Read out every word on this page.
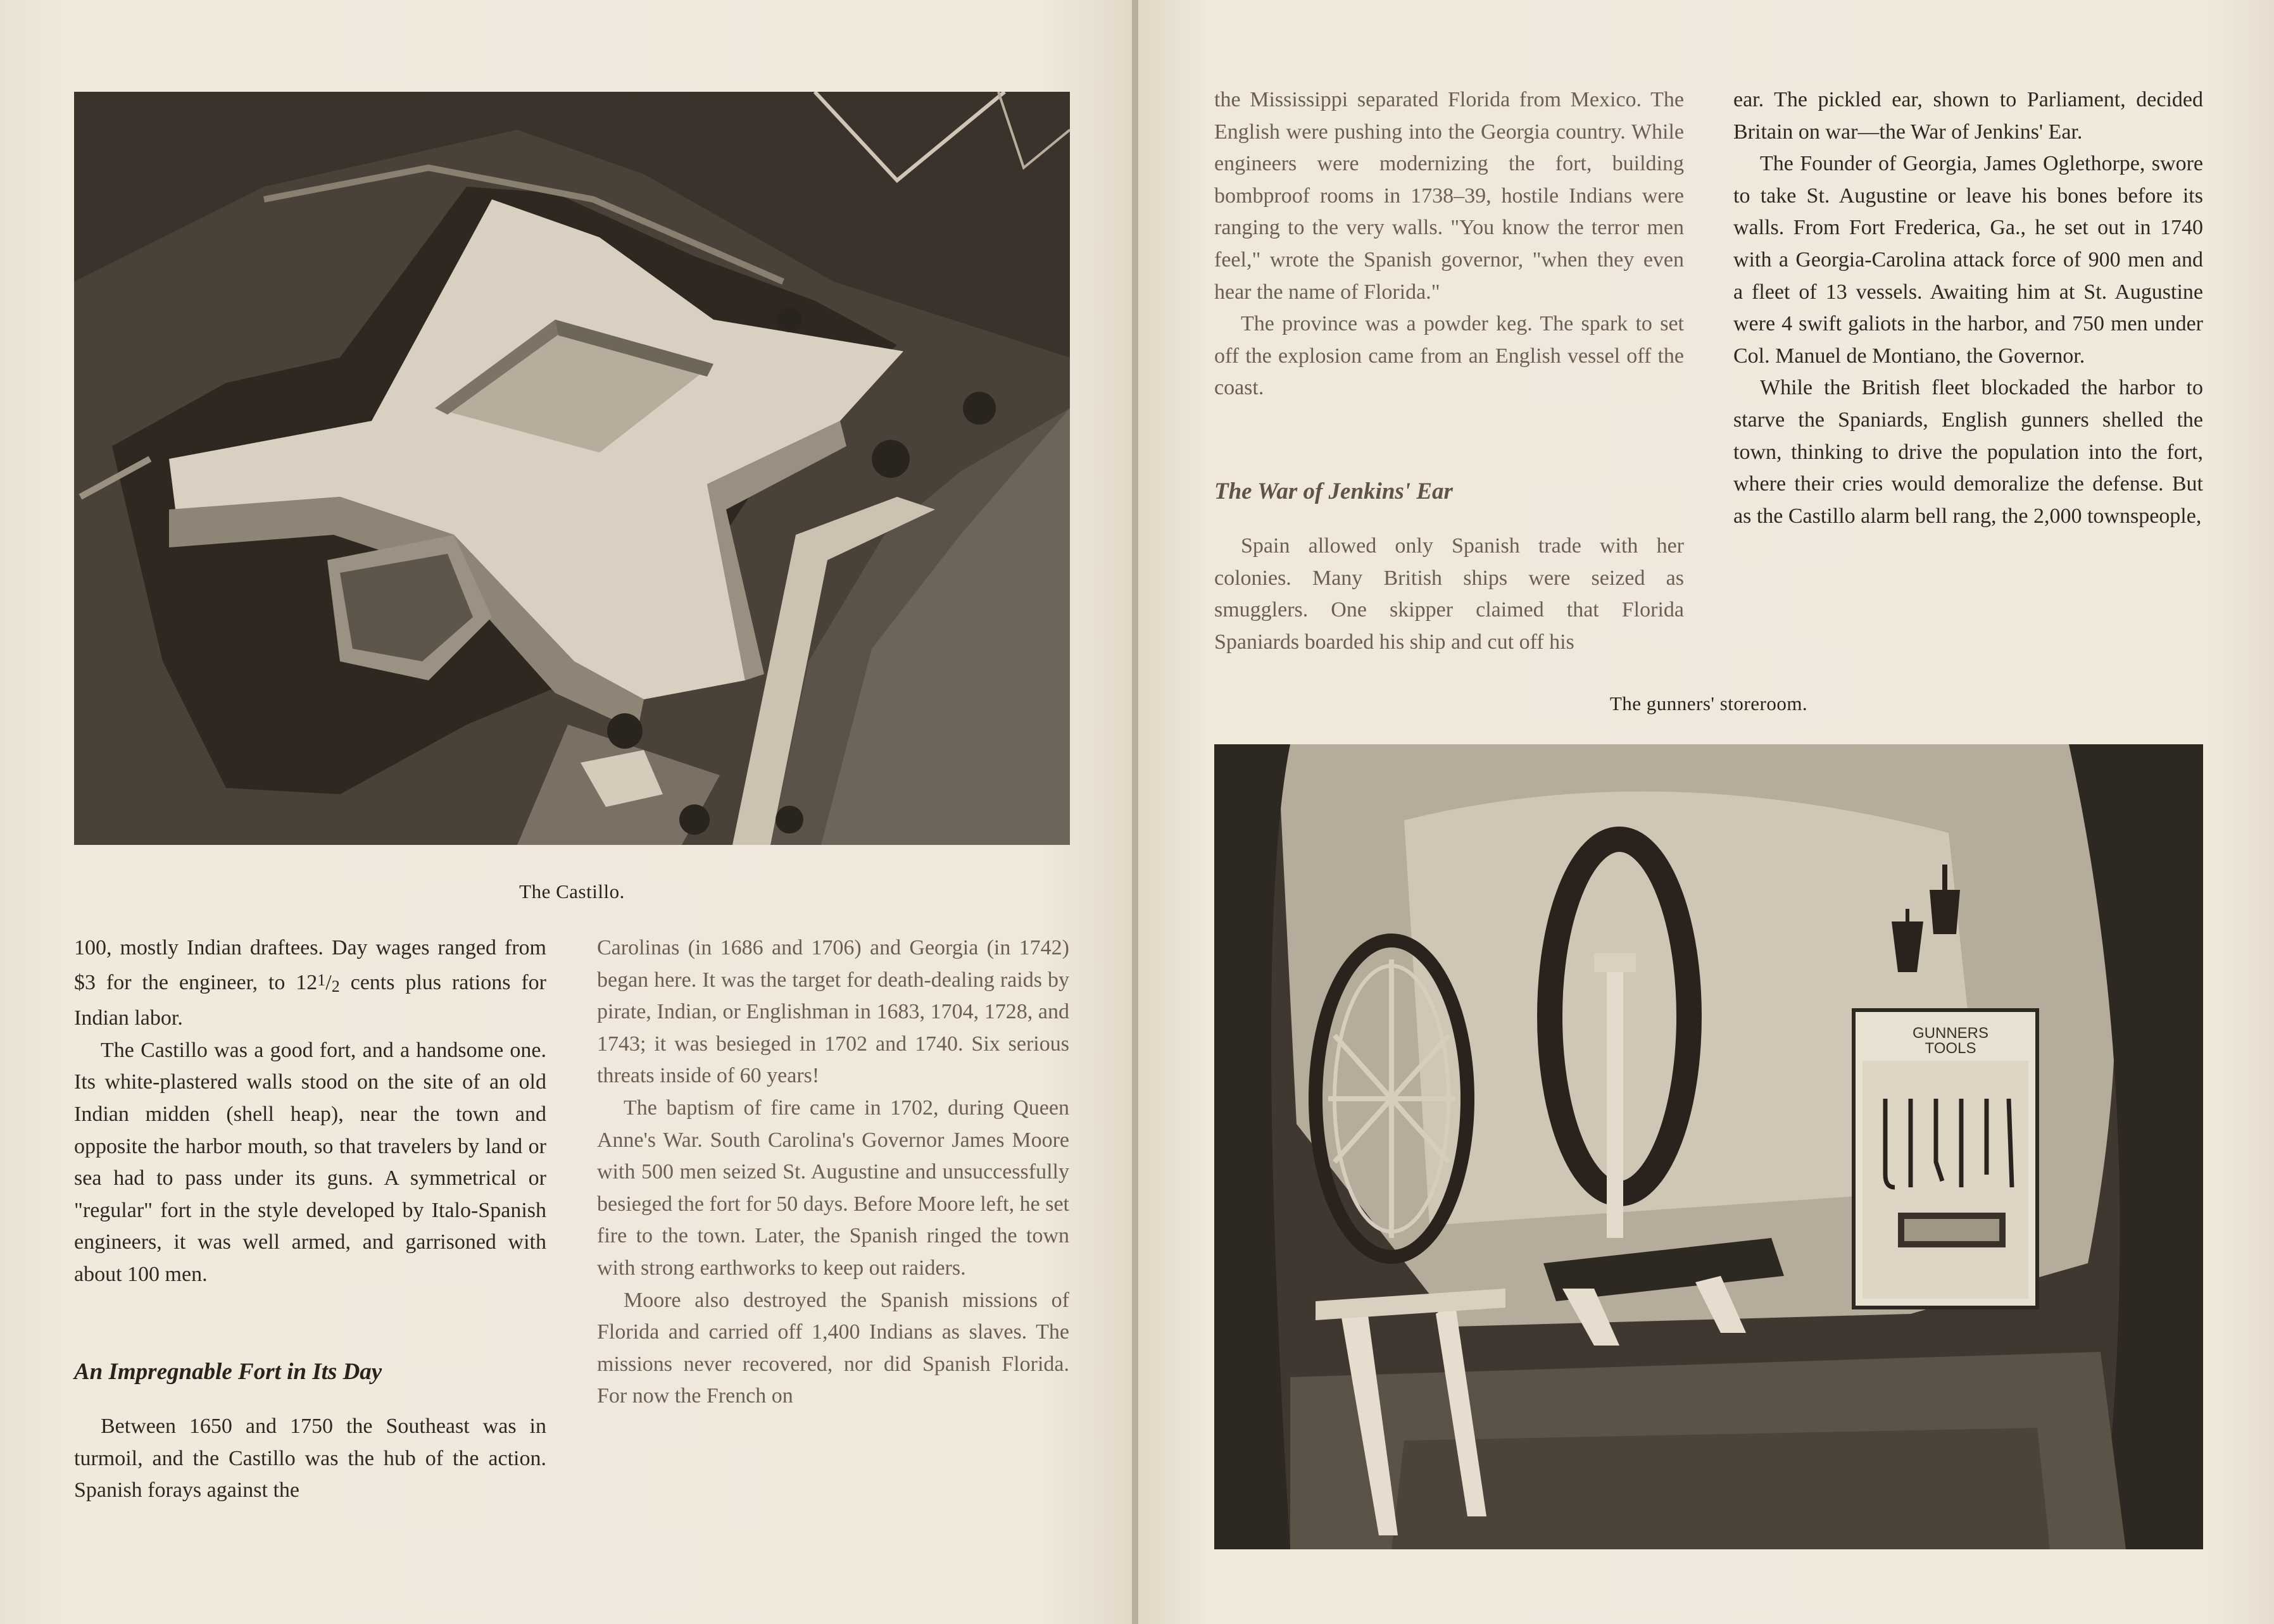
The Castillo.

100, mostly Indian draftees. Day wages ranged from $3 for the engineer, to $12^1/2$ cents plus rations for Indian labor.

The Castillo was a good fort, and a handsome one. Its white-plastered walls stood on the site of an old Indian midden (shell heap), near the town and opposite the harbor mouth, so that travelers by land or sea had to pass under its guns. A symmetrical or "regular" fort in the style developed by Italo-Spanish engineers, it was well armed, and garrisoned with about 100 men.

An Impregnable Fort in Its Day

Between 1650 and 1750 the Southeast was in turmoil, and the Castillo was the hub of the action. Spanish forays against the

Carolinas (in 1686 and 1706) and Georgia (in 1742) began here. It was the target for death-dealing raids by pirate, Indian, or Englishman in 1683, 1704, 1728, and 1743; it was besieged in 1702 and 1740. Six serious threats inside of 60 years!

The baptism of fire came in 1702, during Queen Anne's War. South Carolina's Governor James Moore with 500 men seized St. Augustine and unsuccessfully besieged the fort for 50 days. Before Moore left, he set fire to the town. Later, the Spanish ringed the town with strong earthworks to keep out raiders.

Moore also destroyed the Spanish missions of Florida and carried off 1,400 Indians as slaves. The missions never recovered, nor did Spanish Florida. For now the French on

the Mississippi separated Florida from Mexico. The English were pushing into the Georgia country. While engineers were modernizing the fort, building bombproof rooms in 1738–39, hostile Indians were ranging to the very walls. "You know the terror men feel," wrote the Spanish governor, "when they even hear the name of Florida."

The province was a powder keg. The spark to set off the explosion came from an English vessel off the coast.

The War of Jenkins' Ear

Spain allowed only Spanish trade with her colonies. Many British ships were seized as smugglers. One skipper claimed that Florida Spaniards boarded his ship and cut off his

ear. The pickled ear, shown to Parliament, decided Britain on war—the War of Jenkins' Ear.

The Founder of Georgia, James Oglethorpe, swore to take St. Augustine or leave his bones before its walls. From Fort Frederica, Ga., he set out in 1740 with a Georgia-Carolina attack force of 900 men and a fleet of 13 vessels. Awaiting him at St. Augustine were 4 swift galiots in the harbor, and 750 men under Col. Manuel de Montiano, the Governor.

While the British fleet blockaded the harbor to starve the Spaniards, English gunners shelled the town, thinking to drive the population into the fort, where their cries would demoralize the defense. But as the Castillo alarm bell rang, the 2,000 townspeople,

The gunners' storeroom.
GUNNERS
TOOLS
